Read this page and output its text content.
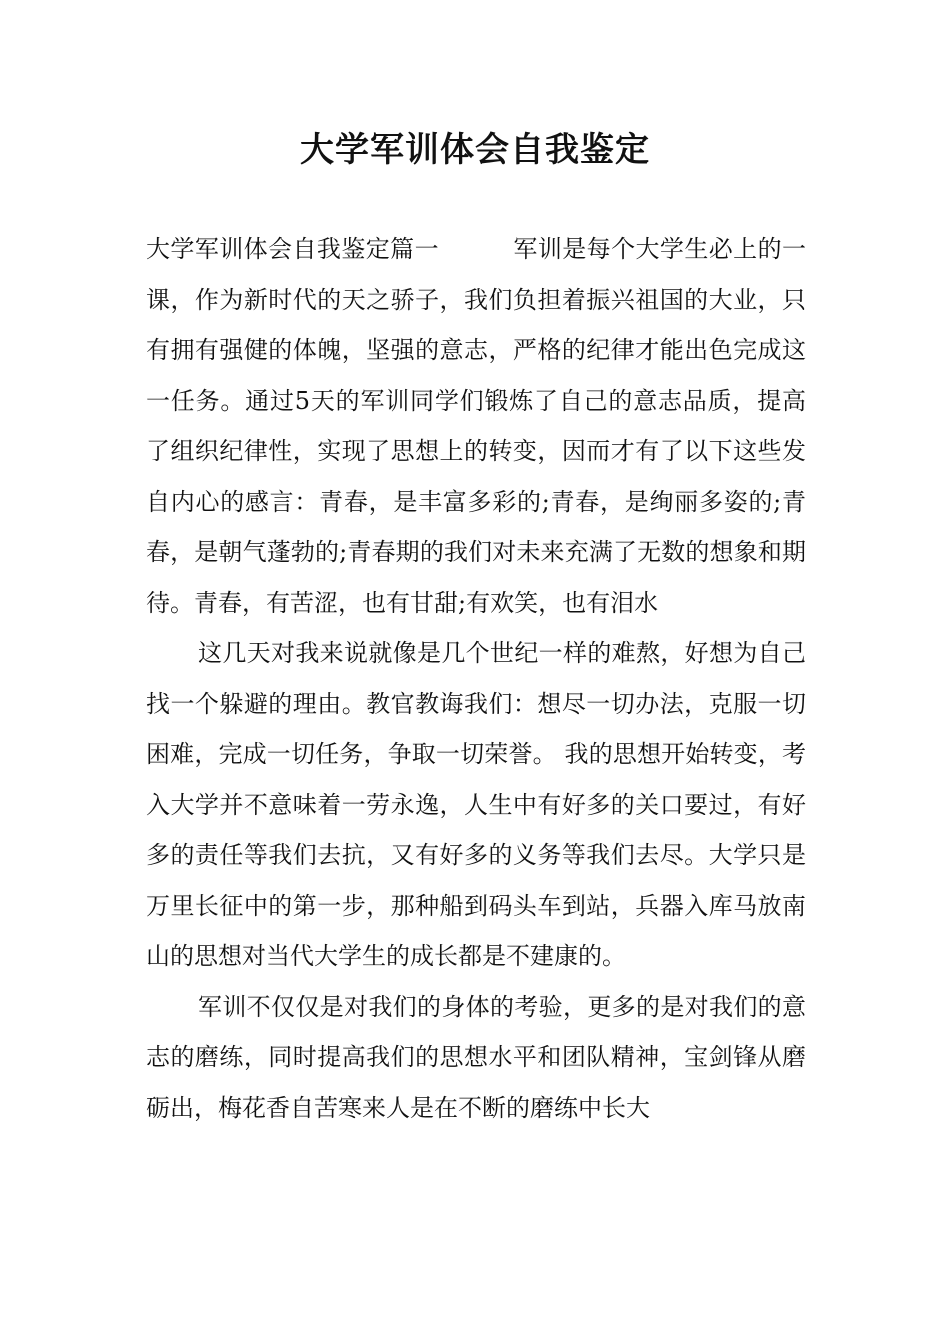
大学军训体会自我鉴定

大学军训体会自我鉴定篇一	军训是每个大学生必上的一课，作为新时代的天之骄子，我们负担着振兴祖国的大业，只有拥有强健的体魄，坚强的意志，严格的纪律才能出色完成这一任务。通过5天的军训同学们锻炼了自己的意志品质，提高了组织纪律性，实现了思想上的转变，因而才有了以下这些发自内心的感言：青春，是丰富多彩的;青春，是绚丽多姿的;青春，是朝气蓬勃的;青春期的我们对未来充满了无数的想象和期待。青春，有苦涩，也有甘甜;有欢笑，也有泪水

这几天对我来说就像是几个世纪一样的难熬，好想为自己找一个躲避的理由。教官教诲我们：想尽一切办法，克服一切困难，完成一切任务，争取一切荣誉。 我的思想开始转变，考入大学并不意味着一劳永逸，人生中有好多的关口要过，有好多的责任等我们去抗，又有好多的义务等我们去尽。大学只是万里长征中的第一步，那种船到码头车到站，兵器入库马放南山的思想对当代大学生的成长都是不建康的。

军训不仅仅是对我们的身体的考验，更多的是对我们的意志的磨练，同时提高我们的思想水平和团队精神，宝剑锋从磨砺出，梅花香自苦寒来人是在不断的磨练中长大
